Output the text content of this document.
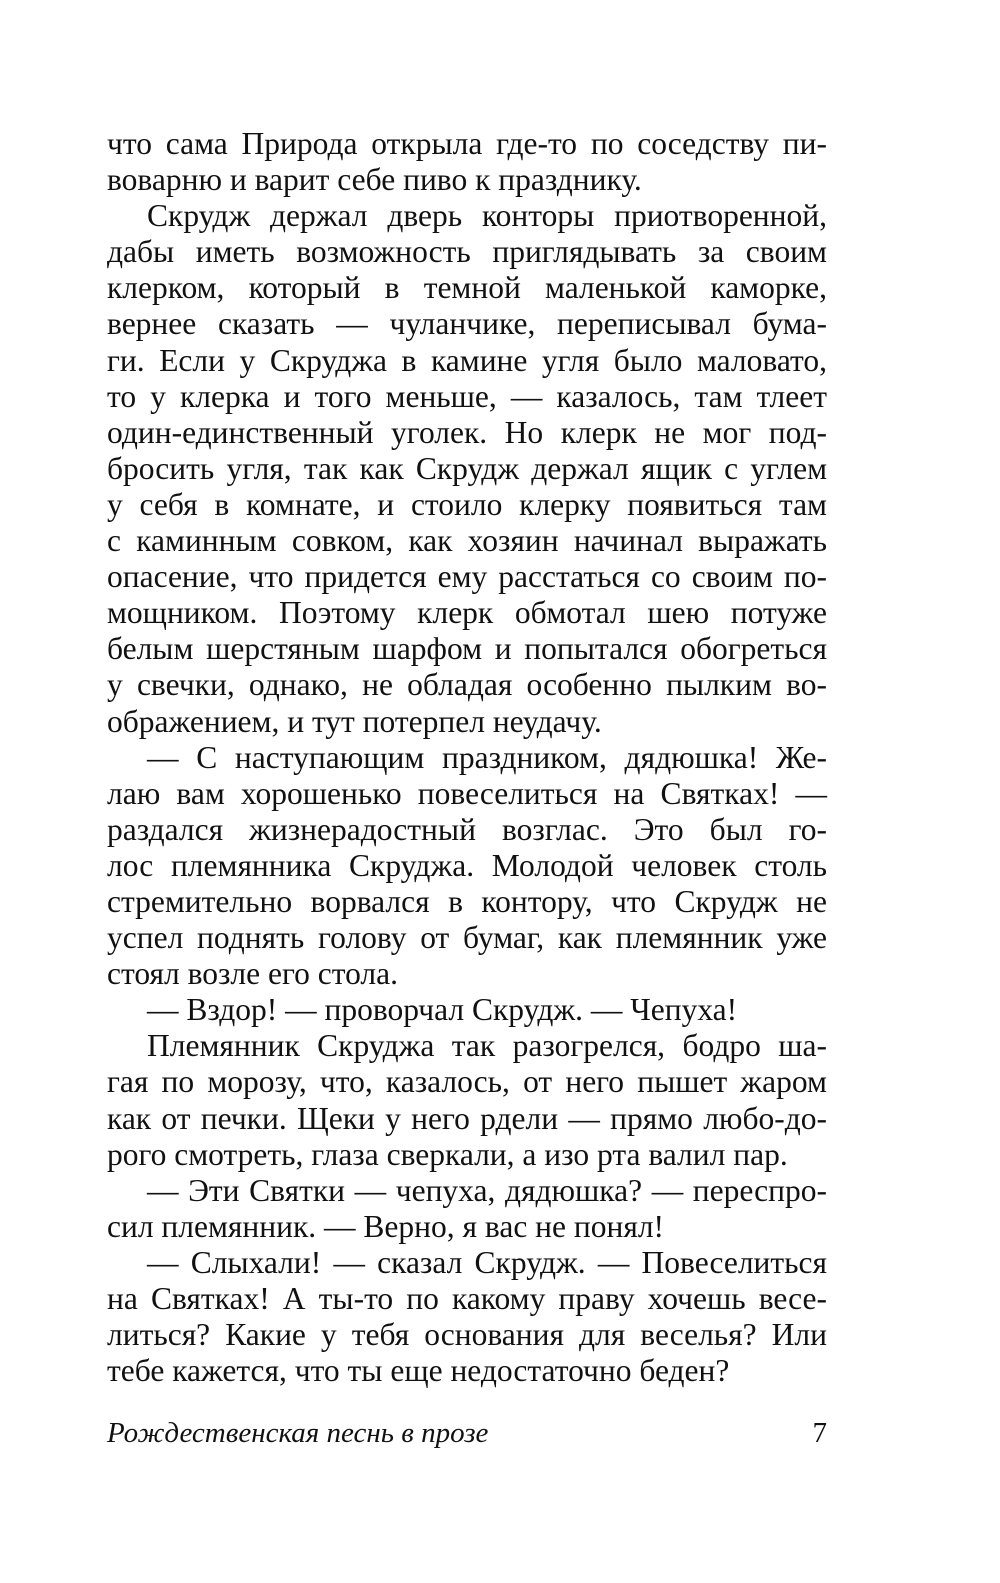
что сама Природа открыла где-то по соседству пи-
воварню и варит себе пиво к празднику.
Скрудж держал дверь конторы приотворенной,
дабы иметь возможность приглядывать за своим
клерком, который в темной маленькой каморке,
вернее сказать — чуланчике, переписывал бума-
ги. Если у Скруджа в камине угля было маловато,
то у клерка и того меньше, — казалось, там тлеет
один-единственный уголек. Но клерк не мог под-
бросить угля, так как Скрудж держал ящик с углем
у себя в комнате, и стоило клерку появиться там
с каминным совком, как хозяин начинал выражать
опасение, что придется ему расстаться со своим по-
мощником. Поэтому клерк обмотал шею потуже
белым шерстяным шарфом и попытался обогреться
у свечки, однако, не обладая особенно пылким во-
ображением, и тут потерпел неудачу.
— С наступающим праздником, дядюшка! Же-
лаю вам хорошенько повеселиться на Святках! —
раздался жизнерадостный возглас. Это был го-
лос племянника Скруджа. Молодой человек столь
стремительно ворвался в контору, что Скрудж не
успел поднять голову от бумаг, как племянник уже
стоял возле его стола.
— Вздор! — проворчал Скрудж. — Чепуха!
Племянник Скруджа так разогрелся, бодро ша-
гая по морозу, что, казалось, от него пышет жаром
как от печки. Щеки у него рдели — прямо любо-до-
рого смотреть, глаза сверкали, а изо рта валил пар.
— Эти Святки — чепуха, дядюшка? — переспро-
сил племянник. — Верно, я вас не понял!
— Слыхали! — сказал Скрудж. — Повеселиться
на Святках! А ты-то по какому праву хочешь весе-
литься? Какие у тебя основания для веселья? Или
тебе кажется, что ты еще недостаточно беден?
Рождественская песнь в прозе	7
